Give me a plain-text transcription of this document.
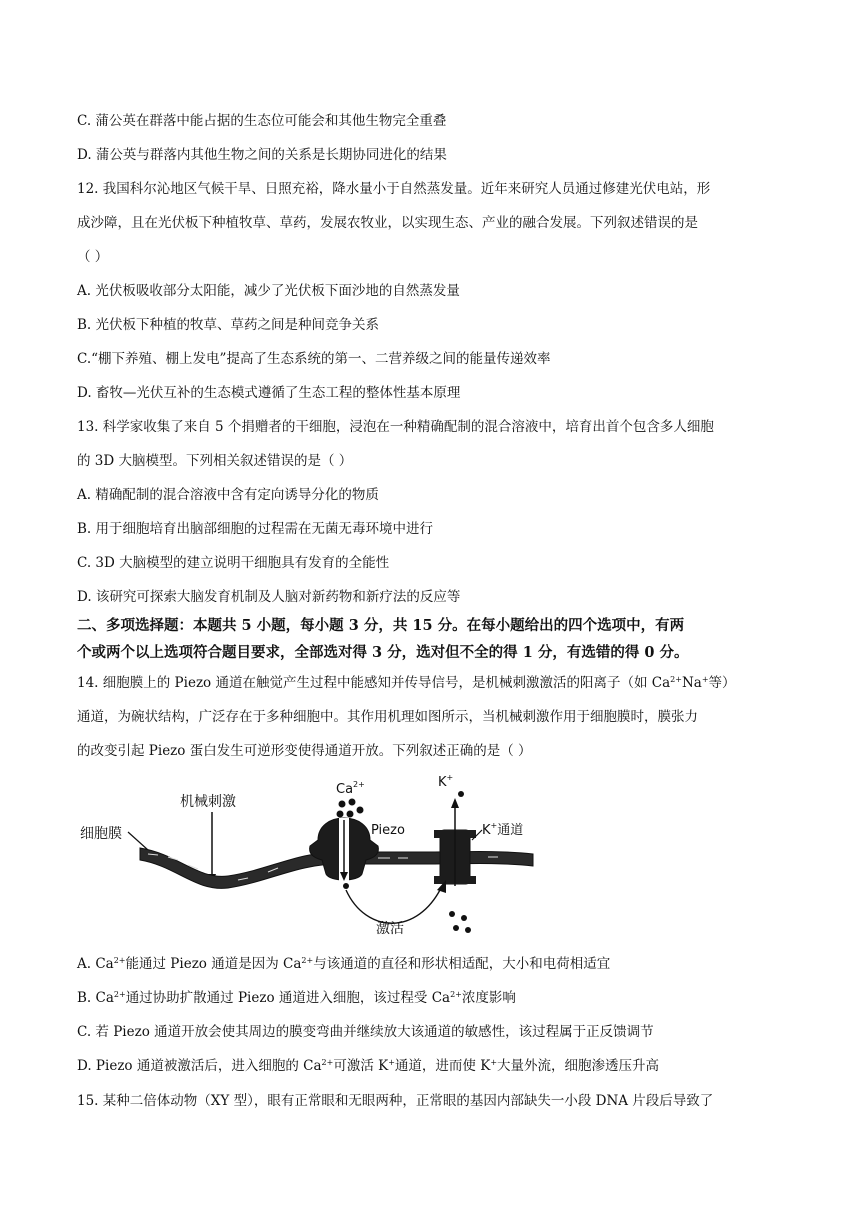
C. 蒲公英在群落中能占据的生态位可能会和其他生物完全重叠
D. 蒲公英与群落内其他生物之间的关系是长期协同进化的结果
12. 我国科尔沁地区气候干旱、日照充裕，降水量小于自然蒸发量。近年来研究人员通过修建光伏电站，形
成沙障，且在光伏板下种植牧草、草药，发展农牧业，以实现生态、产业的融合发展。下列叙述错误的是
（ ）
A. 光伏板吸收部分太阳能，减少了光伏板下面沙地的自然蒸发量
B. 光伏板下种植的牧草、草药之间是种间竞争关系
C.“棚下养殖、棚上发电”提高了生态系统的第一、二营养级之间的能量传递效率
D. 畜牧—光伏互补的生态模式遵循了生态工程的整体性基本原理
13. 科学家收集了来自 5 个捐赠者的干细胞，浸泡在一种精确配制的混合溶液中，培育出首个包含多人细胞
的 3D 大脑模型。下列相关叙述错误的是（ ）
A. 精确配制的混合溶液中含有定向诱导分化的物质
B. 用于细胞培育出脑部细胞的过程需在无菌无毒环境中进行
C. 3D 大脑模型的建立说明干细胞具有发育的全能性
D. 该研究可探索大脑发育机制及人脑对新药物和新疗法的反应等
二、多项选择题：本题共 5 小题，每小题 3 分，共 15 分。在每小题给出的四个选项中，有两
个或两个以上选项符合题目要求，全部选对得 3 分，选对但不全的得 1 分，有选错的得 0 分。
14. 细胞膜上的 Piezo 通道在触觉产生过程中能感知并传导信号，是机械刺激激活的阳离子（如 $Ca^{2+}Na^+$等）
通道，为碗状结构，广泛存在于多种细胞中。其作用机理如图所示，当机械刺激作用于细胞膜时，膜张力
的改变引起 Piezo 蛋白发生可逆形变使得通道开放。下列叙述正确的是（ ）
机械刺激
细胞膜
$Ca^{2+}$
Piezo
K+
K+通道
激活
A. $Ca^{2+}$能通过 Piezo 通道是因为 $Ca^{2+}$与该通道的直径和形状相适配，大小和电荷相适宜
B. $Ca^{2+}$通过协助扩散通过 Piezo 通道进入细胞，该过程受 $Ca^{2+}$浓度影响
C. 若 Piezo 通道开放会使其周边的膜变弯曲并继续放大该通道的敏感性，该过程属于正反馈调节
D. Piezo 通道被激活后，进入细胞的 $Ca^{2+}$可激活 K+通道，进而使 K+大量外流，细胞渗透压升高
15. 某种二倍体动物（XY 型），眼有正常眼和无眼两种，正常眼的基因内部缺失一小段 DNA 片段后导致了
